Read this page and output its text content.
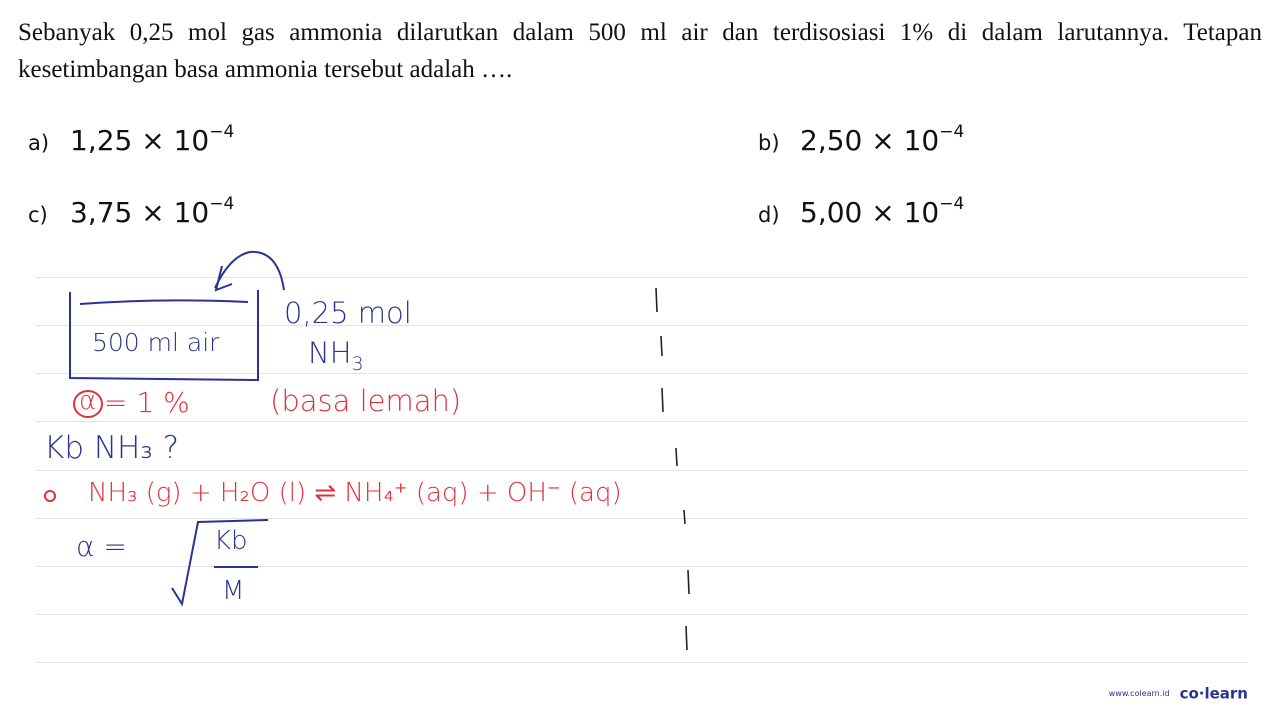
Sebanyak 0,25 mol gas ammonia dilarutkan dalam 500 ml air dan terdisosiasi 1% di dalam larutannya. Tetapan kesetimbangan basa ammonia tersebut adalah ….
a) $1,25 \times 10^{-4}$	b) $2,50 \times 10^{-4}$
c) $3,75 \times 10^{-4}$	d) $5,00 \times 10^{-4}$
500 ml air
0,25 mol
$NH_3$
α = 1 %	(basa lemah)
Kb NH₃ ?
NH₃ (g) + H₂O (l) ⇌ NH₄⁺ (aq) + OH⁻ (aq)
α =	Kb
M
www.colearn.id co·learn
